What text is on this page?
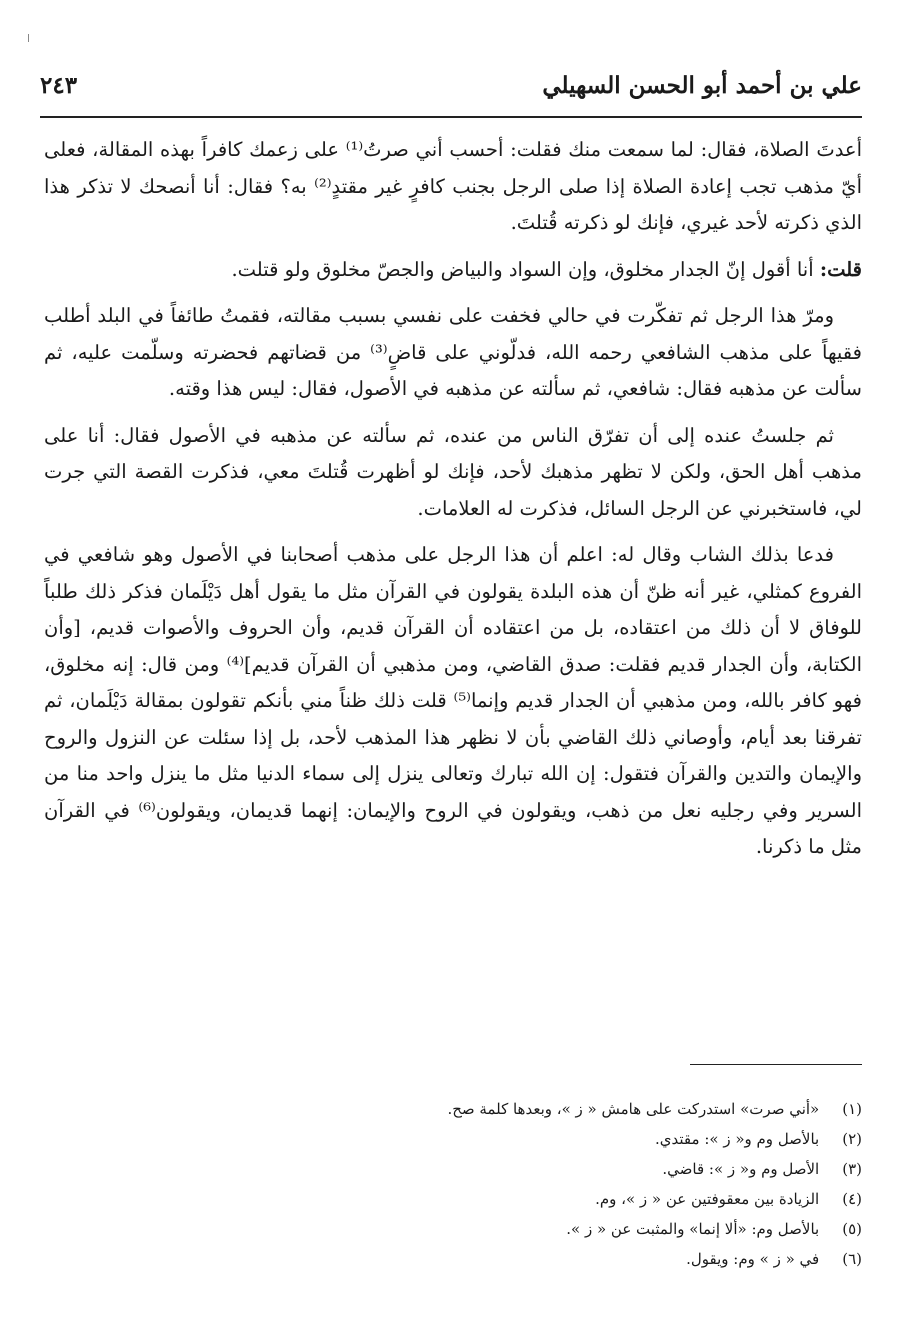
علي بن أحمد أبو الحسن السهيلي
٢٤٣

أعدتَ الصلاة، فقال: لما سمعت منك فقلت: أحسب أني صرتُ⁽¹⁾ على زعمك كافراً بهذه المقالة، فعلى أيّ مذهب تجب إعادة الصلاة إذا صلى الرجل بجنب كافرٍ غير مقتدٍ⁽²⁾ به؟ فقال: أنا أنصحك لا تذكر هذا الذي ذكرته لأحد غيري، فإنك لو ذكرته قُتلتَ.

قلت: أنا أقول إنّ الجدار مخلوق، وإن السواد والبياض والجصّ مخلوق ولو قتلت.

ومرّ هذا الرجل ثم تفكّرت في حالي فخفت على نفسي بسبب مقالته، فقمتُ طائفاً في البلد أطلب فقيهاً على مذهب الشافعي رحمه الله، فدلّوني على قاضٍ⁽³⁾ من قضاتهم فحضرته وسلّمت عليه، ثم سألت عن مذهبه فقال: شافعي، ثم سألته عن مذهبه في الأصول، فقال: ليس هذا وقته.

ثم جلستُ عنده إلى أن تفرّق الناس من عنده، ثم سألته عن مذهبه في الأصول فقال: أنا على مذهب أهل الحق، ولكن لا تظهر مذهبك لأحد، فإنك لو أظهرت قُتلتَ معي، فذكرت القصة التي جرت لي، فاستخبرني عن الرجل السائل، فذكرت له العلامات.

فدعا بذلك الشاب وقال له: اعلم أن هذا الرجل على مذهب أصحابنا في الأصول وهو شافعي في الفروع كمثلي، غير أنه ظنّ أن هذه البلدة يقولون في القرآن مثل ما يقول أهل دَيْلَمان فذكر ذلك طلباً للوفاق لا أن ذلك من اعتقاده، بل من اعتقاده أن القرآن قديم، وأن الحروف والأصوات قديم، [وأن الكتابة، وأن الجدار قديم فقلت: صدق القاضي، ومن مذهبي أن القرآن قديم]⁽⁴⁾ ومن قال: إنه مخلوق، فهو كافر بالله، ومن مذهبي أن الجدار قديم وإنما⁽⁵⁾ قلت ذلك ظناً مني بأنكم تقولون بمقالة دَيْلَمان، ثم تفرقنا بعد أيام، وأوصاني ذلك القاضي بأن لا نظهر هذا المذهب لأحد، بل إذا سئلت عن النزول والروح والإيمان والتدين والقرآن فتقول: إن الله تبارك وتعالى ينزل إلى سماء الدنيا مثل ما ينزل واحد منا من السرير وفي رجليه نعل من ذهب، ويقولون في الروح والإيمان: إنهما قديمان، ويقولون⁽⁶⁾ في القرآن مثل ما ذكرنا.

(١) «أني صرت» استدركت على هامش « ز »، وبعدها كلمة صح.
(٢) بالأصل وم و« ز »: مقتدي.
(٣) الأصل وم و« ز »: قاضي.
(٤) الزيادة بين معقوفتين عن « ز »، وم.
(٥) بالأصل وم: «ألا إنما» والمثبت عن « ز ».
(٦) في « ز » وم: ويقول.
